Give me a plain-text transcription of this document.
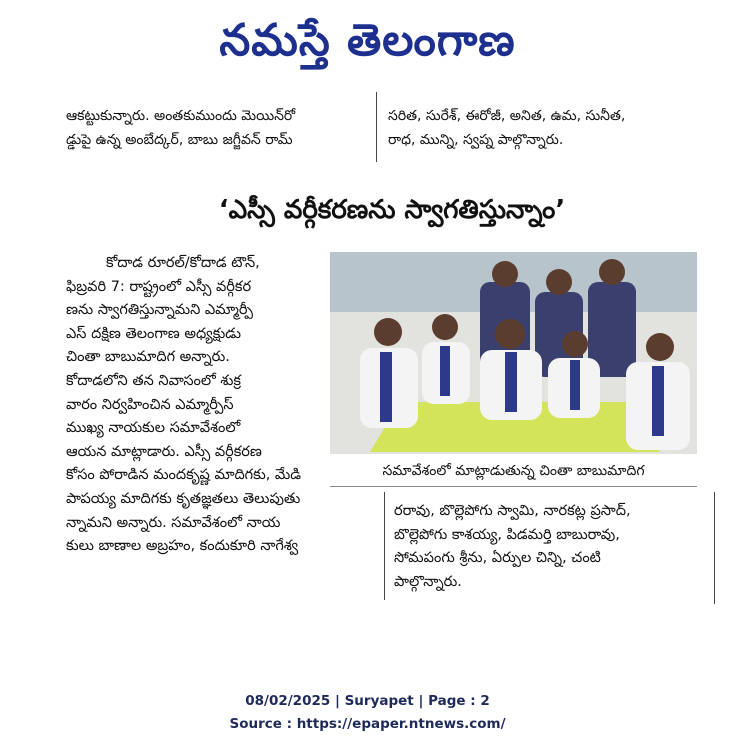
నమస్తే తెలంగాణ

ఆకట్టుకున్నారు. అంతకుముందు మెయిన్‌రో
డ్డుపై ఉన్న అంబేద్కర్, బాబు జగ్జీవన్ రామ్

సరిత, సురేశ్, ఈరోజీ, అనిత, ఉమ, సునీత,
రాధ, మున్ని, స్వప్న పాల్గొన్నారు.
‘ఎస్సీ వర్గీకరణను స్వాగతిస్తున్నాం’
కోదాడ రూరల్/కోదాడ టౌన్,
ఫిబ్రవరి 7: రాష్ట్రంలో ఎస్సీ వర్గీకర
ణను స్వాగతిస్తున్నామని ఎమ్మార్పీ
ఎస్ దక్షిణ తెలంగాణ అధ్యక్షుడు
చింతా బాబుమాదిగ అన్నారు.
కోదాడలోని తన నివాసంలో శుక్ర
వారం నిర్వహించిన ఎమ్మార్పీస్
ముఖ్య నాయకుల సమావేశంలో
ఆయన మాట్లాడారు. ఎస్సీ వర్గీకరణ
కోసం పోరాడిన మందకృష్ణ మాదిగకు, మేడి
పాపయ్య మాదిగకు కృతజ్ఞతలు తెలుపుతు
న్నామని అన్నారు. సమావేశంలో నాయ
కులు బాణాల అబ్రహం, కందుకూరి నాగేశ్వ
సమావేశంలో మాట్లాడుతున్న చింతా బాబుమాదిగ
రరావు, బొల్లెపోగు స్వామి, నారకట్ల ప్రసాద్,
బొల్లెపోగు కాశయ్య, పిడమర్తి బాబురావు,
సోమపంగు శ్రీను, ఏర్పుల చిన్ని, చంటి
పాల్గొన్నారు.
08/02/2025 | Suryapet | Page : 2
Source : https://epaper.ntnews.com/
